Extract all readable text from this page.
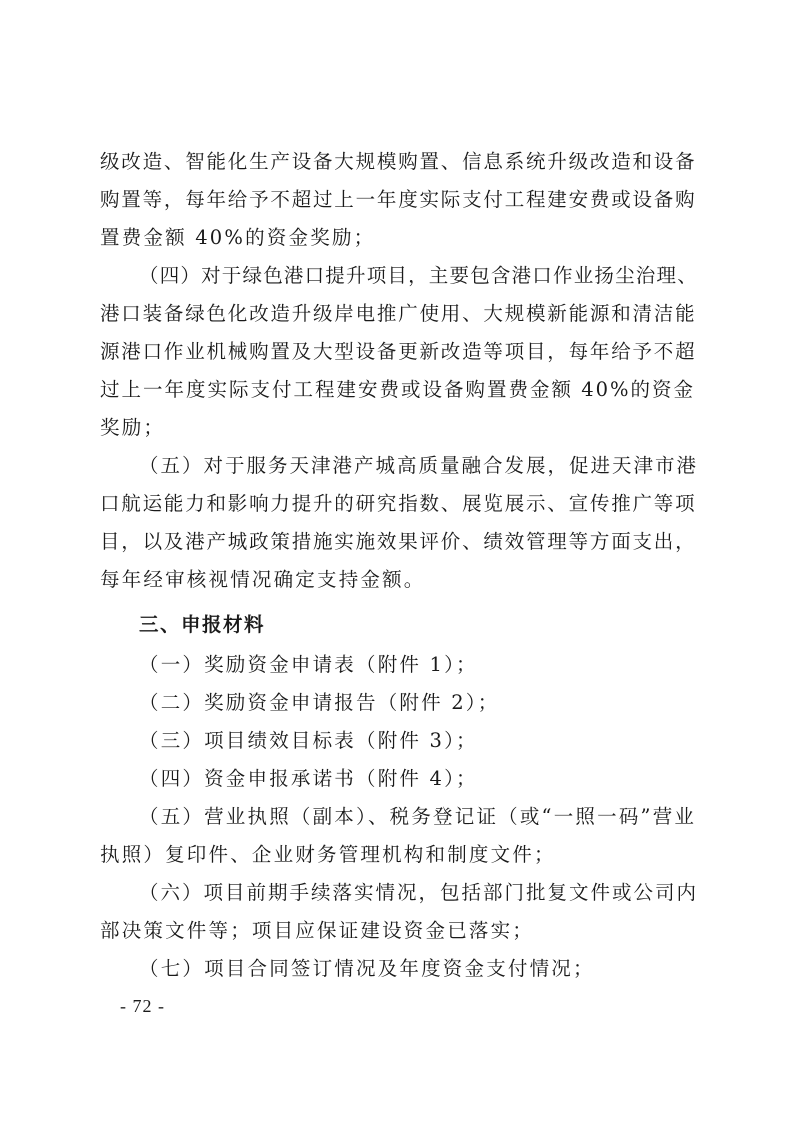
级改造、智能化生产设备大规模购置、信息系统升级改造和设备
购置等，每年给予不超过上一年度实际支付工程建安费或设备购
置费金额 40%的资金奖励；
（四）对于绿色港口提升项目，主要包含港口作业扬尘治理、
港口装备绿色化改造升级岸电推广使用、大规模新能源和清洁能
源港口作业机械购置及大型设备更新改造等项目，每年给予不超
过上一年度实际支付工程建安费或设备购置费金额 40%的资金
奖励；
（五）对于服务天津港产城高质量融合发展，促进天津市港
口航运能力和影响力提升的研究指数、展览展示、宣传推广等项
目，以及港产城政策措施实施效果评价、绩效管理等方面支出，
每年经审核视情况确定支持金额。
三、申报材料
（一）奖励资金申请表（附件 1）；
（二）奖励资金申请报告（附件 2）；
（三）项目绩效目标表（附件 3）；
（四）资金申报承诺书（附件 4）；
（五）营业执照（副本）、税务登记证（或“一照一码”营业
执照）复印件、企业财务管理机构和制度文件；
（六）项目前期手续落实情况，包括部门批复文件或公司内
部决策文件等；项目应保证建设资金已落实；
（七）项目合同签订情况及年度资金支付情况；
- 72 -
